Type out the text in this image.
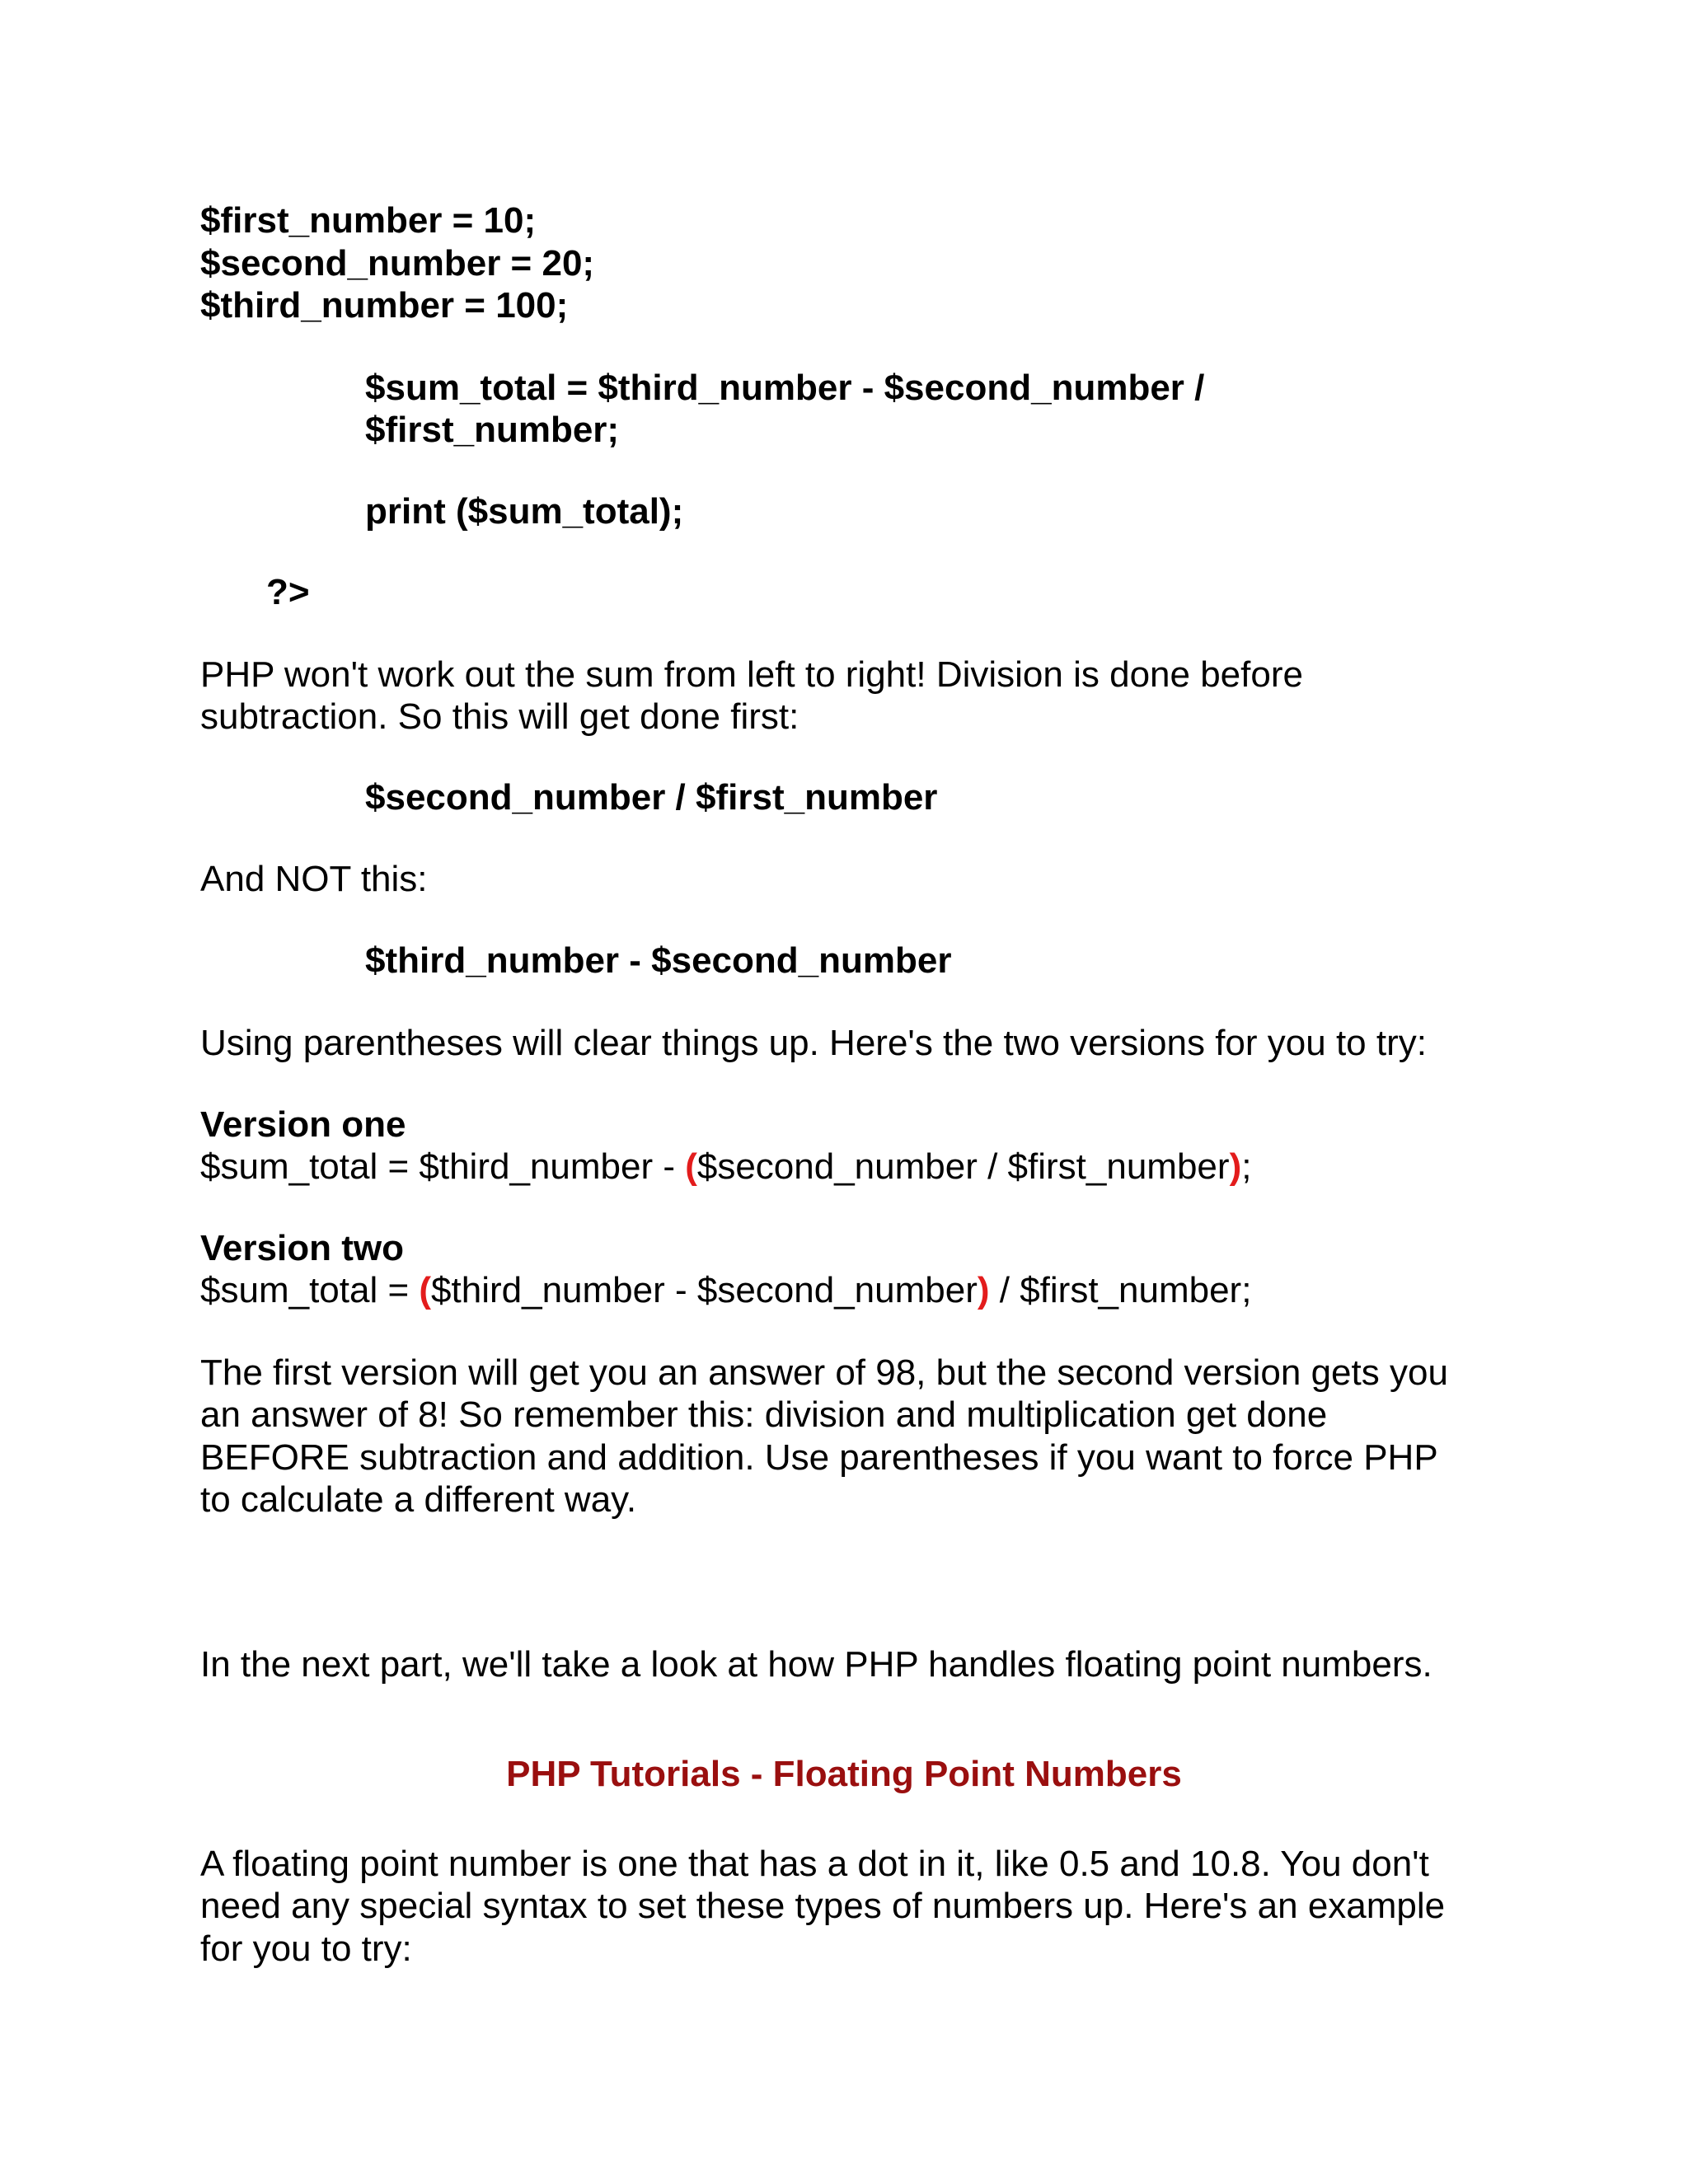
$first_number = 10;

$second_number = 20;

$third_number = 100;

$sum_total = $third_number - $second_number /

$first_number;

print ($sum_total);

?>

PHP won't work out the sum from left to right! Division is done before

subtraction. So this will get done first:

$second_number / $first_number

And NOT this:

$third_number - $second_number

Using parentheses will clear things up. Here's the two versions for you to try:

Version one

$sum_total = $third_number - ($second_number / $first_number);

Version two

$sum_total = ($third_number - $second_number) / $first_number;

The first version will get you an answer of 98, but the second version gets you

an answer of 8! So remember this: division and multiplication get done

BEFORE subtraction and addition. Use parentheses if you want to force PHP

to calculate a different way.

In the next part, we'll take a look at how PHP handles floating point numbers.

PHP Tutorials - Floating Point Numbers

A floating point number is one that has a dot in it, like 0.5 and 10.8. You don't

need any special syntax to set these types of numbers up. Here's an example

for you to try:
